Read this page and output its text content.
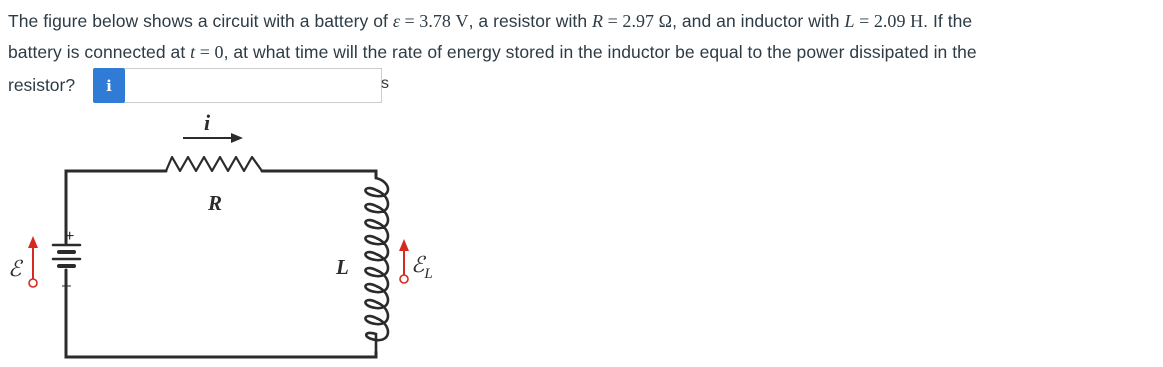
The figure below shows a circuit with a battery of ε = 3.78 V, a resistor with R = 2.97 Ω, and an inductor with L = 2.09 H. If the
battery is connected at t = 0, at what time will the rate of energy stored in the inductor be equal to the power dissipated in the
resistor? i	s
i
R
+
–
ℰ	L	ℰ$_L$
